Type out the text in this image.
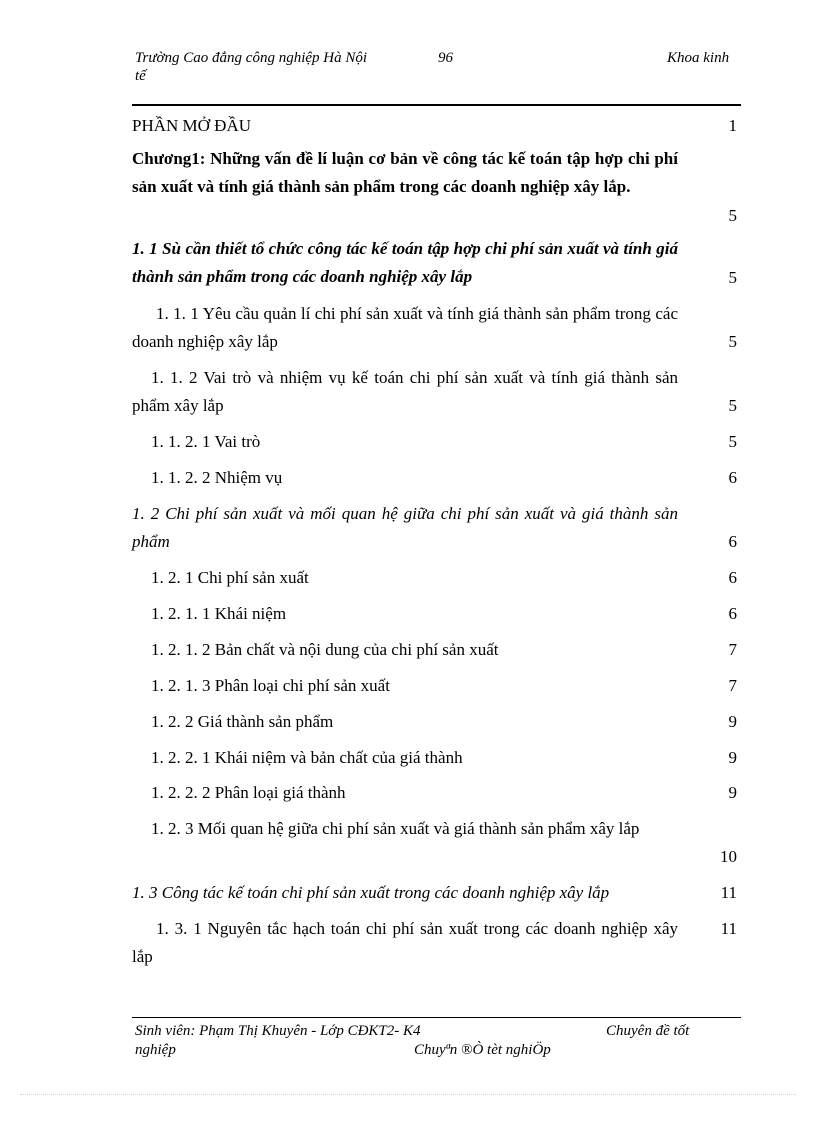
Trường Cao đẳng công nghiệp Hà Nội
tế
96	Khoa kinh
PHẦN MỞ ĐẦU	1
Chương1: Những vấn đề lí luận cơ bản về công tác kế toán tập hợp chi phí sản xuất và tính giá thành sản phẩm trong các doanh nghiệp xây lắp.
5
1. 1 Sù cần thiết tổ chức công tác kế toán tập hợp chi phí sản xuất và tính giá thành sản phẩm trong các doanh nghiệp xây lắp	5
1. 1. 1 Yêu cầu quản lí chi phí sản xuất và tính giá thành sản phẩm trong các doanh nghiệp xây lắp	5
1. 1. 2 Vai trò và nhiệm vụ kế toán chi phí sản xuất và tính giá thành sản phẩm xây lắp	5
1. 1. 2. 1 Vai trò	5
1. 1. 2. 2 Nhiệm vụ	6
1. 2 Chi phí sản xuất và mối quan hệ giữa chi phí sản xuất và giá thành sản phẩm	6
1. 2. 1 Chi phí sản xuất	6
1. 2. 1. 1 Khái niệm	6
1. 2. 1. 2 Bản chất và nội dung của chi phí sản xuất	7
1. 2. 1. 3 Phân loại chi phí sản xuất	7
1. 2. 2 Giá thành sản phẩm	9
1. 2. 2. 1 Khái niệm và bản chất của giá thành	9
1. 2. 2. 2 Phân loại giá thành	9
1. 2. 3 Mối quan hệ giữa chi phí sản xuất và giá thành sản phẩm xây lắp
10
1. 3 Công tác kế toán chi phí sản xuất trong các doanh nghiệp xây lắp	11
1. 3. 1 Nguyên tắc hạch toán chi phí sản xuất trong các doanh nghiệp xây lắp
11
Sinh viên: Phạm Thị Khuyên - Lớp CĐKT2- K4	Chuyên đề tốt
nghiệp	Chuyªn ®Ò tèt nghiÖp
